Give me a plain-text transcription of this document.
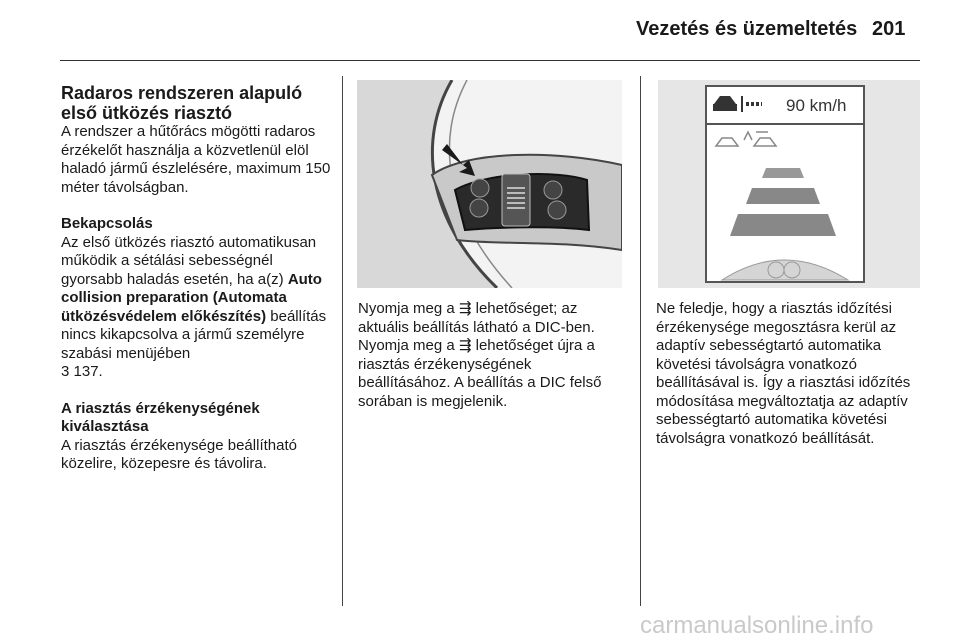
Vezetés és üzemeltetés 201

Radaros rendszeren alapuló első ütközés riasztó

A rendszer a hűtőrács mögötti radaros érzékelőt használja a közvetlenül elöl haladó jármű észlelésére, maximum 150 méter távolságban.

Bekapcsolás

Az első ütközés riasztó automatikusan működik a sétálási sebességnél gyorsabb haladás esetén, ha a(z) Auto collision preparation (Automata ütközésvédelem előkészítés) beállítás nincs kikapcsolva a jármű személyre szabási menüjében

3 137.

A riasztás érzékenységének kiválasztása

A riasztás érzékenysége beállítható közelire, közepesre és távolira.

Nyomja meg a ⇶ lehetőséget; az aktuális beállítás látható a DIC-ben. Nyomja meg a ⇶ lehetőséget újra a riasztás érzékenységének beállításához. A beállítás a DIC felső sorában is megjelenik.

90 km/h

Ne feledje, hogy a riasztás időzítési érzékenysége megosztásra kerül az adaptív sebességtartó automatika követési távolságra vonatkozó beállításával is. Így a riasztási időzítés módosítása megváltoztatja az adaptív sebességtartó automatika követési távolságra vonatkozó beállítását.

carmanualsonline.info
